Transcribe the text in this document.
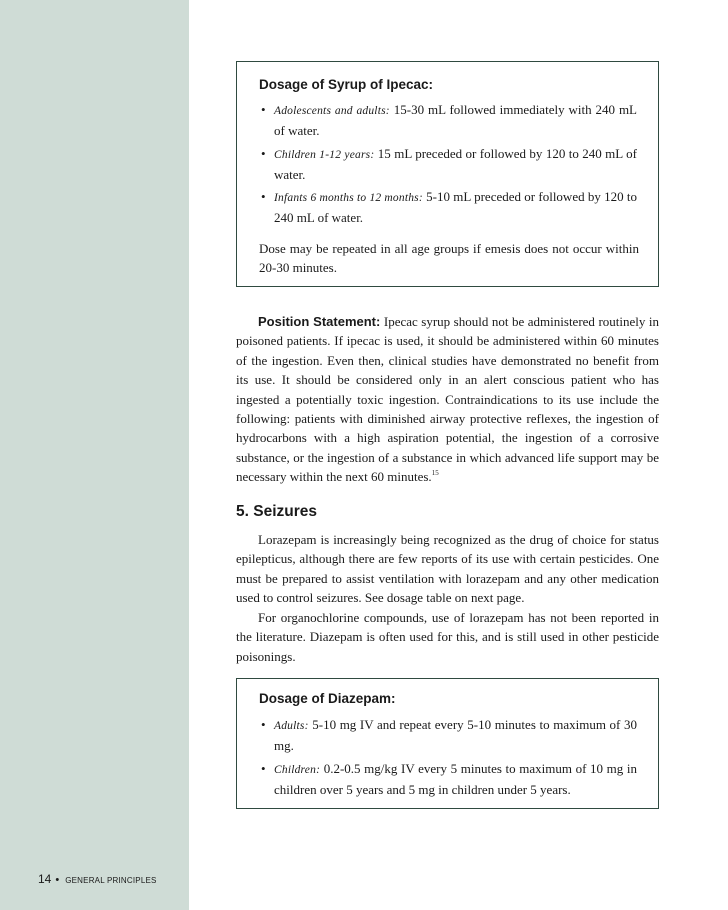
Dosage of Syrup of Ipecac:
• Adolescents and adults: 15-30 mL followed immediately with 240 mL of water.
• Children 1-12 years: 15 mL preceded or followed by 120 to 240 mL of water.
• Infants 6 months to 12 months: 5-10 mL preceded or followed by 120 to 240 mL of water.
Dose may be repeated in all age groups if emesis does not occur within 20-30 minutes.
Position Statement: Ipecac syrup should not be administered routinely in poisoned patients. If ipecac is used, it should be administered within 60 minutes of the ingestion. Even then, clinical studies have demonstrated no benefit from its use. It should be considered only in an alert conscious patient who has ingested a potentially toxic ingestion. Contraindications to its use include the following: patients with diminished airway protective reflexes, the ingestion of hydrocarbons with a high aspiration potential, the ingestion of a corrosive substance, or the ingestion of a substance in which advanced life support may be necessary within the next 60 minutes.$^{15}$
5. Seizures
Lorazepam is increasingly being recognized as the drug of choice for status epilepticus, although there are few reports of its use with certain pesticides. One must be prepared to assist ventilation with lorazepam and any other medication used to control seizures. See dosage table on next page.
For organochlorine compounds, use of lorazepam has not been reported in the literature. Diazepam is often used for this, and is still used in other pesticide poisonings.
Dosage of Diazepam:
• Adults: 5-10 mg IV and repeat every 5-10 minutes to maximum of 30 mg.
• Children: 0.2-0.5 mg/kg IV every 5 minutes to maximum of 10 mg in children over 5 years and 5 mg in children under 5 years.
14 • GENERAL PRINCIPLES
